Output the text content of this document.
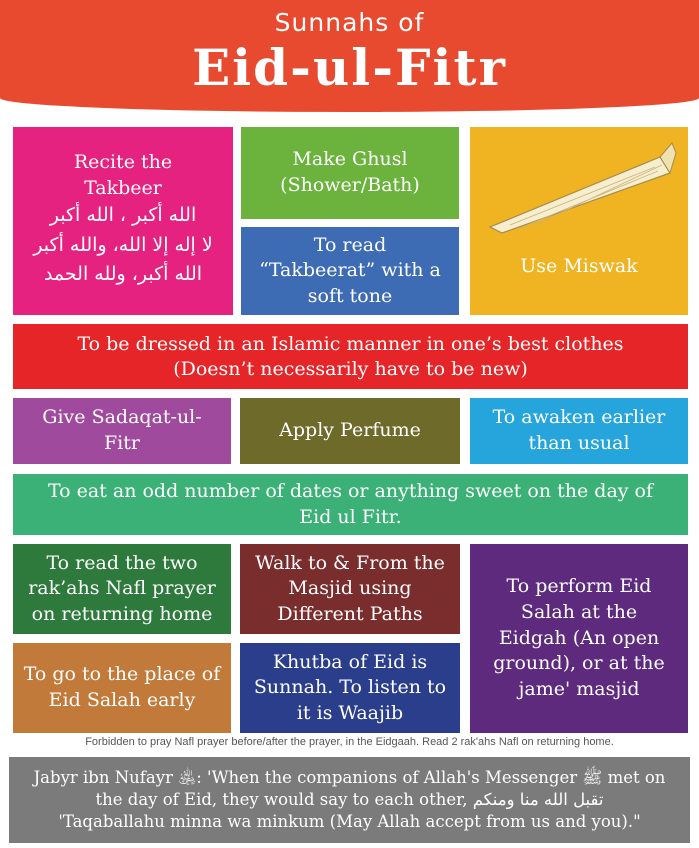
Sunnahs of
Eid-ul-Fitr
Recite the Takbeer
الله أكبر ، الله أكبر
لا إله إلا الله، والله أكبر
الله أكبر، ولله الحمد
Make Ghusl (Shower/Bath)
To read “Takbeerat” with a soft tone
Use Miswak
To be dressed in an Islamic manner in one’s best clothes
(Doesn’t necessarily have to be new)
Give Sadaqat-ul-Fitr
Apply Perfume
To awaken earlier than usual
To eat an odd number of dates or anything sweet on the day of Eid ul Fitr.
To read the two rak’ahs Nafl prayer on returning home
Walk to & From the Masjid using Different Paths
To perform Eid Salah at the Eidgah (An open ground), or at the jame' masjid
To go to the place of Eid Salah early
Khutba of Eid is Sunnah. To listen to it is Waajib
Forbidden to pray Nafl prayer before/after the prayer, in the Eidgaah. Read 2 rak'ahs Nafl on returning home.
Jabyr ibn Nufayr ﵁: 'When the companions of Allah's Messenger ﷺ met on
the day of Eid, they would say to each other, تقبل الله منا ومنكم
'Taqaballahu minna wa minkum (May Allah accept from us and you)."
